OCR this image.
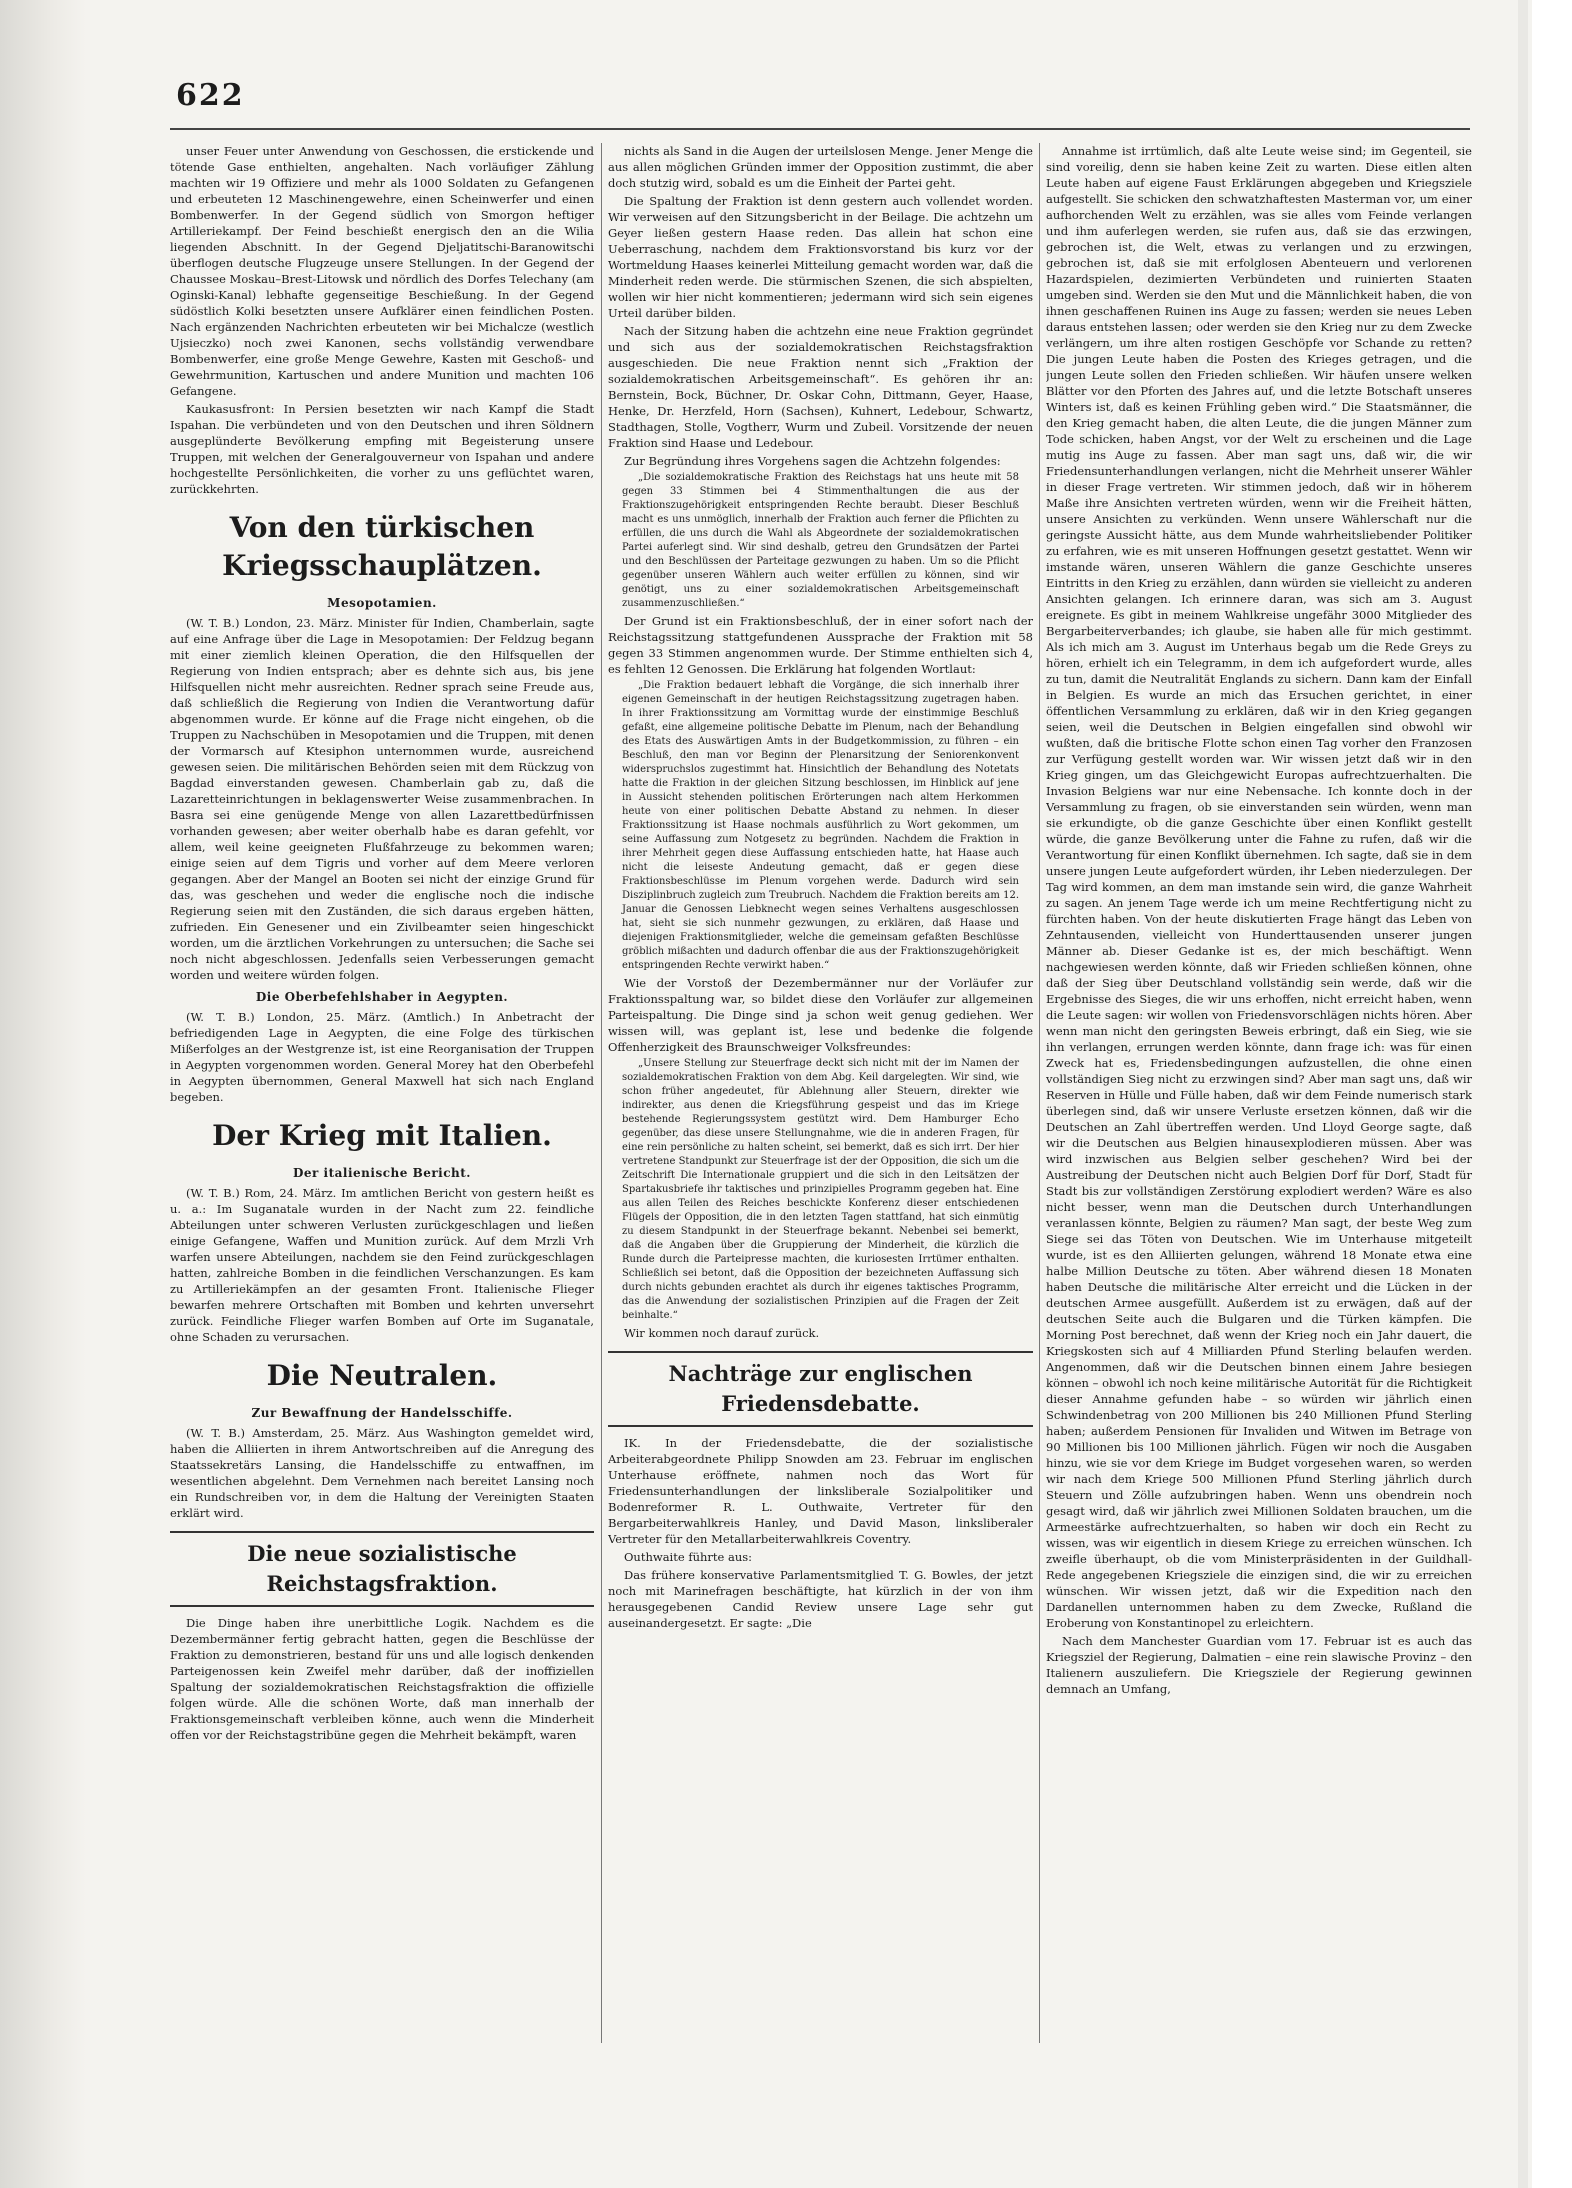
622

unser Feuer unter Anwendung von Geschossen, die erstickende und tötende Gase enthielten, angehalten. Nach vorläufiger Zählung machten wir 19 Offiziere und mehr als 1000 Soldaten zu Gefangenen und erbeuteten 12 Maschinengewehre, einen Scheinwerfer und einen Bombenwerfer. In der Gegend südlich von Smorgon heftiger Artilleriekampf. Der Feind beschießt energisch den an die Wilia liegenden Abschnitt. In der Gegend Djeljatitschi-Baranowitschi überflogen deutsche Flugzeuge unsere Stellungen. In der Gegend der Chaussee Moskau–Brest-Litowsk und nördlich des Dorfes Telechany (am Oginski-Kanal) lebhafte gegenseitige Beschießung. In der Gegend südöstlich Kolki besetzten unsere Aufklärer einen feindlichen Posten. Nach ergänzenden Nachrichten erbeuteten wir bei Michalcze (westlich Ujsieczko) noch zwei Kanonen, sechs vollständig verwendbare Bombenwerfer, eine große Menge Gewehre, Kasten mit Geschoß- und Gewehrmunition, Kartuschen und andere Munition und machten 106 Gefangene.

Kaukasusfront: In Persien besetzten wir nach Kampf die Stadt Ispahan. Die verbündeten und von den Deutschen und ihren Söldnern ausgeplünderte Bevölkerung empfing mit Begeisterung unsere Truppen, mit welchen der Generalgouverneur von Ispahan und andere hochgestellte Persönlichkeiten, die vorher zu uns geflüchtet waren, zurückkehrten.

Von den türkischen Kriegsschauplätzen.
Mesopotamien.

(W. T. B.) London, 23. März. Minister für Indien, Chamberlain, sagte auf eine Anfrage über die Lage in Mesopotamien: Der Feldzug begann mit einer ziemlich kleinen Operation, die den Hilfsquellen der Regierung von Indien entsprach; aber es dehnte sich aus, bis jene Hilfsquellen nicht mehr ausreichten. Redner sprach seine Freude aus, daß schließlich die Regierung von Indien die Verantwortung dafür abgenommen wurde. Er könne auf die Frage nicht eingehen, ob die Truppen zu Nachschüben in Mesopotamien und die Truppen, mit denen der Vormarsch auf Ktesiphon unternommen wurde, ausreichend gewesen seien. Die militärischen Behörden seien mit dem Rückzug von Bagdad einverstanden gewesen. Chamberlain gab zu, daß die Lazaretteinrichtungen in beklagenswerter Weise zusammenbrachen. In Basra sei eine genügende Menge von allen Lazarettbedürfnissen vorhanden gewesen; aber weiter oberhalb habe es daran gefehlt, vor allem, weil keine geeigneten Flußfahrzeuge zu bekommen waren; einige seien auf dem Tigris und vorher auf dem Meere verloren gegangen. Aber der Mangel an Booten sei nicht der einzige Grund für das, was geschehen und weder die englische noch die indische Regierung seien mit den Zuständen, die sich daraus ergeben hätten, zufrieden. Ein Genesener und ein Zivilbeamter seien hingeschickt worden, um die ärztlichen Vorkehrungen zu untersuchen; die Sache sei noch nicht abgeschlossen. Jedenfalls seien Verbesserungen gemacht worden und weitere würden folgen.

Die Oberbefehlshaber in Aegypten.

(W. T. B.) London, 25. März. (Amtlich.) In Anbetracht der befriedigenden Lage in Aegypten, die eine Folge des türkischen Mißerfolges an der Westgrenze ist, ist eine Reorganisation der Truppen in Aegypten vorgenommen worden. General Morey hat den Oberbefehl in Aegypten übernommen, General Maxwell hat sich nach England begeben.

Der Krieg mit Italien.
Der italienische Bericht.

(W. T. B.) Rom, 24. März. Im amtlichen Bericht von gestern heißt es u. a.: Im Suganatale wurden in der Nacht zum 22. feindliche Abteilungen unter schweren Verlusten zurückgeschlagen und ließen einige Gefangene, Waffen und Munition zurück. Auf dem Mrzli Vrh warfen unsere Abteilungen, nachdem sie den Feind zurückgeschlagen hatten, zahlreiche Bomben in die feindlichen Verschanzungen. Es kam zu Artilleriekämpfen an der gesamten Front. Italienische Flieger bewarfen mehrere Ortschaften mit Bomben und kehrten unversehrt zurück. Feindliche Flieger warfen Bomben auf Orte im Suganatale, ohne Schaden zu verursachen.

Die Neutralen.
Zur Bewaffnung der Handelsschiffe.

(W. T. B.) Amsterdam, 25. März. Aus Washington gemeldet wird, haben die Alliierten in ihrem Antwortschreiben auf die Anregung des Staatssekretärs Lansing, die Handelsschiffe zu entwaffnen, im wesentlichen abgelehnt. Dem Vernehmen nach bereitet Lansing noch ein Rundschreiben vor, in dem die Haltung der Vereinigten Staaten erklärt wird.

Die neue sozialistische Reichstagsfraktion.

Die Dinge haben ihre unerbittliche Logik. Nachdem es die Dezembermänner fertig gebracht hatten, gegen die Beschlüsse der Fraktion zu demonstrieren, bestand für uns und alle logisch denkenden Parteigenossen kein Zweifel mehr darüber, daß der inoffiziellen Spaltung der sozialdemokratischen Reichstagsfraktion die offizielle folgen würde. Alle die schönen Worte, daß man innerhalb der Fraktionsgemeinschaft verbleiben könne, auch wenn die Minderheit offen vor der Reichstagstribüne gegen die Mehrheit bekämpft, waren

nichts als Sand in die Augen der urteilslosen Menge. Jener Menge die aus allen möglichen Gründen immer der Opposition zustimmt, die aber doch stutzig wird, sobald es um die Einheit der Partei geht.

Die Spaltung der Fraktion ist denn gestern auch vollendet worden. Wir verweisen auf den Sitzungsbericht in der Beilage. Die achtzehn um Geyer ließen gestern Haase reden. Das allein hat schon eine Ueberraschung, nachdem dem Fraktionsvorstand bis kurz vor der Wortmeldung Haases keinerlei Mitteilung gemacht worden war, daß die Minderheit reden werde. Die stürmischen Szenen, die sich abspielten, wollen wir hier nicht kommentieren; jedermann wird sich sein eigenes Urteil darüber bilden.

Nach der Sitzung haben die achtzehn eine neue Fraktion gegründet und sich aus der sozialdemokratischen Reichstagsfraktion ausgeschieden. Die neue Fraktion nennt sich „Fraktion der sozialdemokratischen Arbeitsgemeinschaft“. Es gehören ihr an: Bernstein, Bock, Büchner, Dr. Oskar Cohn, Dittmann, Geyer, Haase, Henke, Dr. Herzfeld, Horn (Sachsen), Kuhnert, Ledebour, Schwartz, Stadthagen, Stolle, Vogtherr, Wurm und Zubeil. Vorsitzende der neuen Fraktion sind Haase und Ledebour.

Zur Begründung ihres Vorgehens sagen die Achtzehn folgendes:

„Die sozialdemokratische Fraktion des Reichstags hat uns heute mit 58 gegen 33 Stimmen bei 4 Stimmenthaltungen die aus der Fraktionszugehörigkeit entspringenden Rechte beraubt. Dieser Beschluß macht es uns unmöglich, innerhalb der Fraktion auch ferner die Pflichten zu erfüllen, die uns durch die Wahl als Abgeordnete der sozialdemokratischen Partei auferlegt sind. Wir sind deshalb, getreu den Grundsätzen der Partei und den Beschlüssen der Parteitage gezwungen zu haben. Um so die Pflicht gegenüber unseren Wählern auch weiter erfüllen zu können, sind wir genötigt, uns zu einer sozialdemokratischen Arbeitsgemeinschaft zusammenzuschließen.“

Der Grund ist ein Fraktionsbeschluß, der in einer sofort nach der Reichstagssitzung stattgefundenen Aussprache der Fraktion mit 58 gegen 33 Stimmen angenommen wurde. Der Stimme enthielten sich 4, es fehlten 12 Genossen. Die Erklärung hat folgenden Wortlaut:

„Die Fraktion bedauert lebhaft die Vorgänge, die sich innerhalb ihrer eigenen Gemeinschaft in der heutigen Reichstagssitzung zugetragen haben. In ihrer Fraktionssitzung am Vormittag wurde der einstimmige Beschluß gefaßt, eine allgemeine politische Debatte im Plenum, nach der Behandlung des Etats des Auswärtigen Amts in der Budgetkommission, zu führen – ein Beschluß, den man vor Beginn der Plenarsitzung der Seniorenkonvent widerspruchslos zugestimmt hat. Hinsichtlich der Behandlung des Notetats hatte die Fraktion in der gleichen Sitzung beschlossen, im Hinblick auf jene in Aussicht stehenden politischen Erörterungen nach altem Herkommen heute von einer politischen Debatte Abstand zu nehmen. In dieser Fraktionssitzung ist Haase nochmals ausführlich zu Wort gekommen, um seine Auffassung zum Notgesetz zu begründen. Nachdem die Fraktion in ihrer Mehrheit gegen diese Auffassung entschieden hatte, hat Haase auch nicht die leiseste Andeutung gemacht, daß er gegen diese Fraktionsbeschlüsse im Plenum vorgehen werde. Dadurch wird sein Disziplinbruch zugleich zum Treubruch. Nachdem die Fraktion bereits am 12. Januar die Genossen Liebknecht wegen seines Verhaltens ausgeschlossen hat, sieht sie sich nunmehr gezwungen, zu erklären, daß Haase und diejenigen Fraktionsmitglieder, welche die gemeinsam gefaßten Beschlüsse gröblich mißachten und dadurch offenbar die aus der Fraktionszugehörigkeit entspringenden Rechte verwirkt haben.“

Wie der Vorstoß der Dezembermänner nur der Vorläufer zur Fraktionsspaltung war, so bildet diese den Vorläufer zur allgemeinen Parteispaltung. Die Dinge sind ja schon weit genug gediehen. Wer wissen will, was geplant ist, lese und bedenke die folgende Offenherzigkeit des Braunschweiger Volksfreundes:

„Unsere Stellung zur Steuerfrage deckt sich nicht mit der im Namen der sozialdemokratischen Fraktion von dem Abg. Keil dargelegten. Wir sind, wie schon früher angedeutet, für Ablehnung aller Steuern, direkter wie indirekter, aus denen die Kriegsführung gespeist und das im Kriege bestehende Regierungssystem gestützt wird. Dem Hamburger Echo gegenüber, das diese unsere Stellungnahme, wie die in anderen Fragen, für eine rein persönliche zu halten scheint, sei bemerkt, daß es sich irrt. Der hier vertretene Standpunkt zur Steuerfrage ist der der Opposition, die sich um die Zeitschrift Die Internationale gruppiert und die sich in den Leitsätzen der Spartakusbriefe ihr taktisches und prinzipielles Programm gegeben hat. Eine aus allen Teilen des Reiches beschickte Konferenz dieser entschiedenen Flügels der Opposition, die in den letzten Tagen stattfand, hat sich einmütig zu diesem Standpunkt in der Steuerfrage bekannt. Nebenbei sei bemerkt, daß die Angaben über die Gruppierung der Minderheit, die kürzlich die Runde durch die Parteipresse machten, die kuriosesten Irrtümer enthalten. Schließlich sei betont, daß die Opposition der bezeichneten Auffassung sich durch nichts gebunden erachtet als durch ihr eigenes taktisches Programm, das die Anwendung der sozialistischen Prinzipien auf die Fragen der Zeit beinhalte.“

Wir kommen noch darauf zurück.

Nachträge zur englischen Friedensdebatte.

IK. In der Friedensdebatte, die der sozialistische Arbeiterabgeordnete Philipp Snowden am 23. Februar im englischen Unterhause eröffnete, nahmen noch das Wort für Friedensunterhandlungen der linksliberale Sozialpolitiker und Bodenreformer R. L. Outhwaite, Vertreter für den Bergarbeiterwahlkreis Hanley, und David Mason, linksliberaler Vertreter für den Metallarbeiterwahlkreis Coventry.

Outhwaite führte aus:

Das frühere konservative Parlamentsmitglied T. G. Bowles, der jetzt noch mit Marinefragen beschäftigte, hat kürzlich in der von ihm herausgegebenen Candid Review unsere Lage sehr gut auseinandergesetzt. Er sagte: „Die

Annahme ist irrtümlich, daß alte Leute weise sind; im Gegenteil, sie sind voreilig, denn sie haben keine Zeit zu warten. Diese eitlen alten Leute haben auf eigene Faust Erklärungen abgegeben und Kriegsziele aufgestellt. Sie schicken den schwatzhaftesten Masterman vor, um einer aufhorchenden Welt zu erzählen, was sie alles vom Feinde verlangen und ihm auferlegen werden, sie rufen aus, daß sie das erzwingen, gebrochen ist, die Welt, etwas zu verlangen und zu erzwingen, gebrochen ist, daß sie mit erfolglosen Abenteuern und verlorenen Hazardspielen, dezimierten Verbündeten und ruinierten Staaten umgeben sind. Werden sie den Mut und die Männlichkeit haben, die von ihnen geschaffenen Ruinen ins Auge zu fassen; werden sie neues Leben daraus entstehen lassen; oder werden sie den Krieg nur zu dem Zwecke verlängern, um ihre alten rostigen Geschöpfe vor Schande zu retten? Die jungen Leute haben die Posten des Krieges getragen, und die jungen Leute sollen den Frieden schließen. Wir häufen unsere welken Blätter vor den Pforten des Jahres auf, und die letzte Botschaft unseres Winters ist, daß es keinen Frühling geben wird.“ Die Staatsmänner, die den Krieg gemacht haben, die alten Leute, die die jungen Männer zum Tode schicken, haben Angst, vor der Welt zu erscheinen und die Lage mutig ins Auge zu fassen. Aber man sagt uns, daß wir, die wir Friedensunterhandlungen verlangen, nicht die Mehrheit unserer Wähler in dieser Frage vertreten. Wir stimmen jedoch, daß wir in höherem Maße ihre Ansichten vertreten würden, wenn wir die Freiheit hätten, unsere Ansichten zu verkünden. Wenn unsere Wählerschaft nur die geringste Aussicht hätte, aus dem Munde wahrheitsliebender Politiker zu erfahren, wie es mit unseren Hoffnungen gesetzt gestattet. Wenn wir imstande wären, unseren Wählern die ganze Geschichte unseres Eintritts in den Krieg zu erzählen, dann würden sie vielleicht zu anderen Ansichten gelangen. Ich erinnere daran, was sich am 3. August ereignete. Es gibt in meinem Wahlkreise ungefähr 3000 Mitglieder des Bergarbeiterverbandes; ich glaube, sie haben alle für mich gestimmt. Als ich mich am 3. August im Unterhaus begab um die Rede Greys zu hören, erhielt ich ein Telegramm, in dem ich aufgefordert wurde, alles zu tun, damit die Neutralität Englands zu sichern. Dann kam der Einfall in Belgien. Es wurde an mich das Ersuchen gerichtet, in einer öffentlichen Versammlung zu erklären, daß wir in den Krieg gegangen seien, weil die Deutschen in Belgien eingefallen sind obwohl wir wußten, daß die britische Flotte schon einen Tag vorher den Franzosen zur Verfügung gestellt worden war. Wir wissen jetzt daß wir in den Krieg gingen, um das Gleichgewicht Europas aufrechtzuerhalten. Die Invasion Belgiens war nur eine Nebensache. Ich konnte doch in der Versammlung zu fragen, ob sie einverstanden sein würden, wenn man sie erkundigte, ob die ganze Geschichte über einen Konflikt gestellt würde, die ganze Bevölkerung unter die Fahne zu rufen, daß wir die Verantwortung für einen Konflikt übernehmen. Ich sagte, daß sie in dem unsere jungen Leute aufgefordert würden, ihr Leben niederzulegen. Der Tag wird kommen, an dem man imstande sein wird, die ganze Wahrheit zu sagen. An jenem Tage werde ich um meine Rechtfertigung nicht zu fürchten haben. Von der heute diskutierten Frage hängt das Leben von Zehntausenden, vielleicht von Hunderttausenden unserer jungen Männer ab. Dieser Gedanke ist es, der mich beschäftigt. Wenn nachgewiesen werden könnte, daß wir Frieden schließen können, ohne daß der Sieg über Deutschland vollständig sein werde, daß wir die Ergebnisse des Sieges, die wir uns erhoffen, nicht erreicht haben, wenn die Leute sagen: wir wollen von Friedensvorschlägen nichts hören. Aber wenn man nicht den geringsten Beweis erbringt, daß ein Sieg, wie sie ihn verlangen, errungen werden könnte, dann frage ich: was für einen Zweck hat es, Friedensbedingungen aufzustellen, die ohne einen vollständigen Sieg nicht zu erzwingen sind? Aber man sagt uns, daß wir Reserven in Hülle und Fülle haben, daß wir dem Feinde numerisch stark überlegen sind, daß wir unsere Verluste ersetzen können, daß wir die Deutschen an Zahl übertreffen werden. Und Lloyd George sagte, daß wir die Deutschen aus Belgien hinausexplodieren müssen. Aber was wird inzwischen aus Belgien selber geschehen? Wird bei der Austreibung der Deutschen nicht auch Belgien Dorf für Dorf, Stadt für Stadt bis zur vollständigen Zerstörung explodiert werden? Wäre es also nicht besser, wenn man die Deutschen durch Unterhandlungen veranlassen könnte, Belgien zu räumen? Man sagt, der beste Weg zum Siege sei das Töten von Deutschen. Wie im Unterhause mitgeteilt wurde, ist es den Alliierten gelungen, während 18 Monate etwa eine halbe Million Deutsche zu töten. Aber während diesen 18 Monaten haben Deutsche die militärische Alter erreicht und die Lücken in der deutschen Armee ausgefüllt. Außerdem ist zu erwägen, daß auf der deutschen Seite auch die Bulgaren und die Türken kämpfen. Die Morning Post berechnet, daß wenn der Krieg noch ein Jahr dauert, die Kriegskosten sich auf 4 Milliarden Pfund Sterling belaufen werden. Angenommen, daß wir die Deutschen binnen einem Jahre besiegen können – obwohl ich noch keine militärische Autorität für die Richtigkeit dieser Annahme gefunden habe – so würden wir jährlich einen Schwindenbetrag von 200 Millionen bis 240 Millionen Pfund Sterling haben; außerdem Pensionen für Invaliden und Witwen im Betrage von 90 Millionen bis 100 Millionen jährlich. Fügen wir noch die Ausgaben hinzu, wie sie vor dem Kriege im Budget vorgesehen waren, so werden wir nach dem Kriege 500 Millionen Pfund Sterling jährlich durch Steuern und Zölle aufzubringen haben. Wenn uns obendrein noch gesagt wird, daß wir jährlich zwei Millionen Soldaten brauchen, um die Armeestärke aufrechtzuerhalten, so haben wir doch ein Recht zu wissen, was wir eigentlich in diesem Kriege zu erreichen wünschen. Ich zweifle überhaupt, ob die vom Ministerpräsidenten in der Guildhall-Rede angegebenen Kriegsziele die einzigen sind, die wir zu erreichen wünschen. Wir wissen jetzt, daß wir die Expedition nach den Dardanellen unternommen haben zu dem Zwecke, Rußland die Eroberung von Konstantinopel zu erleichtern.

Nach dem Manchester Guardian vom 17. Februar ist es auch das Kriegsziel der Regierung, Dalmatien – eine rein slawische Provinz – den Italienern auszuliefern. Die Kriegsziele der Regierung gewinnen demnach an Umfang,
